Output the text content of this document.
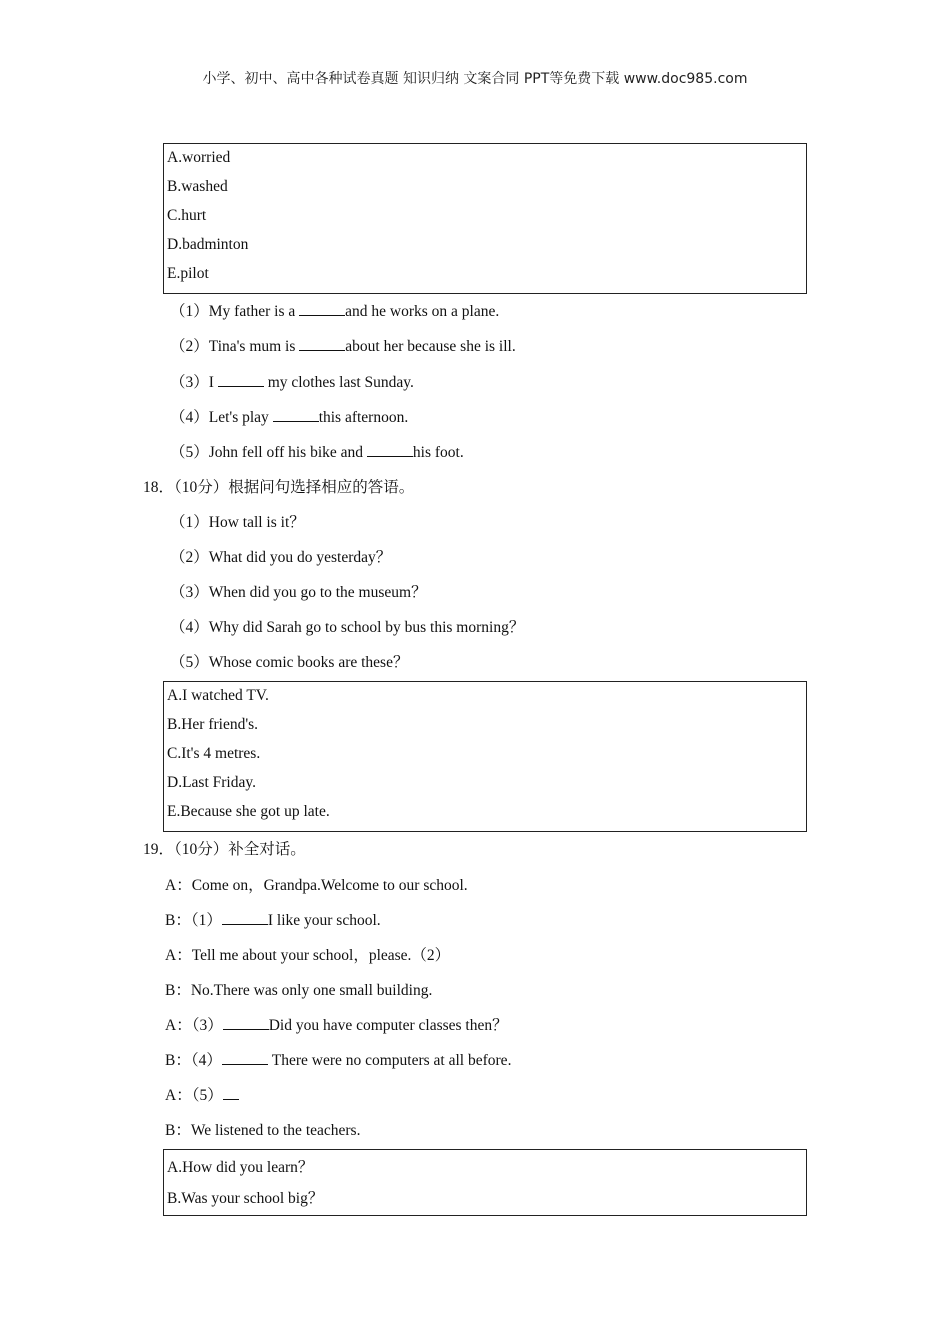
小学、初中、高中各种试卷真题 知识归纳 文案合同 PPT等免费下载 www.doc985.com
A.worried
B.washed
C.hurt
D.badminton
E.pilot
（1）My father is a	and he works on a plane.
（2）Tina's mum is	about her because she is ill.
（3）I	my clothes last Sunday.
（4）Let's play	this afternoon.
（5）John fell off his bike and	his foot.
18．（10分）根据问句选择相应的答语。
（1）How tall is it？
（2）What did you do yesterday？
（3）When did you go to the museum？
（4）Why did Sarah go to school by bus this morning？
（5）Whose comic books are these？
A.I watched TV.
B.Her friend's.
C.It's 4 metres.
D.Last Friday.
E.Because she got up late.
19．（10分）补全对话。
A：Come on，Grandpa.Welcome to our school.
B：（1）	I like your school.
A：Tell me about your school，please.（2）
B：No.There was only one small building.
A：（3）	Did you have computer classes then？
B：（4）	There were no computers at all before.
A：（5）
B：We listened to the teachers.
A.How did you learn？
B.Was your school big？
